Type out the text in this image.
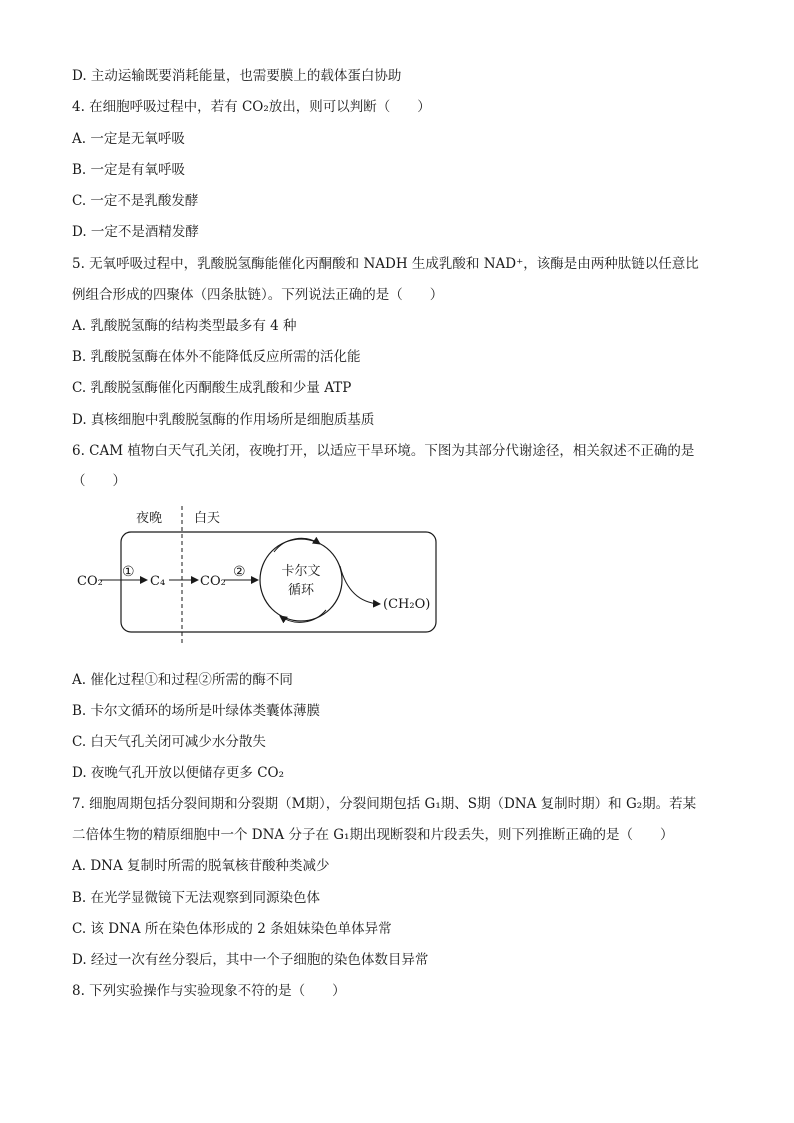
D. 主动运输既要消耗能量，也需要膜上的载体蛋白协助
4. 在细胞呼吸过程中，若有 CO₂放出，则可以判断（　　）
A. 一定是无氧呼吸
B. 一定是有氧呼吸
C. 一定不是乳酸发酵
D. 一定不是酒精发酵
5. 无氧呼吸过程中，乳酸脱氢酶能催化丙酮酸和 NADH 生成乳酸和 NAD⁺，该酶是由两种肽链以任意比
例组合形成的四聚体（四条肽链）。下列说法正确的是（　　）
A. 乳酸脱氢酶的结构类型最多有 4 种
B. 乳酸脱氢酶在体外不能降低反应所需的活化能
C. 乳酸脱氢酶催化丙酮酸生成乳酸和少量 ATP
D. 真核细胞中乳酸脱氢酶的作用场所是细胞质基质
6. CAM 植物白天气孔关闭，夜晚打开，以适应干旱环境。下图为其部分代谢途径，相关叙述不正确的是
（　　）
夜晚 白天
CO₂
①
C₄	CO₂
②	卡尔文
循环
(CH₂O)
A. 催化过程①和过程②所需的酶不同
B. 卡尔文循环的场所是叶绿体类囊体薄膜
C. 白天气孔关闭可减少水分散失
D. 夜晚气孔开放以便储存更多 CO₂
7. 细胞周期包括分裂间期和分裂期（M期），分裂间期包括 G₁期、S期（DNA 复制时期）和 G₂期。若某
二倍体生物的精原细胞中一个 DNA 分子在 G₁期出现断裂和片段丢失，则下列推断正确的是（　　）
A. DNA 复制时所需的脱氧核苷酸种类减少
B. 在光学显微镜下无法观察到同源染色体
C. 该 DNA 所在染色体形成的 2 条姐妹染色单体异常
D. 经过一次有丝分裂后，其中一个子细胞的染色体数目异常
8. 下列实验操作与实验现象不符的是（　　）
